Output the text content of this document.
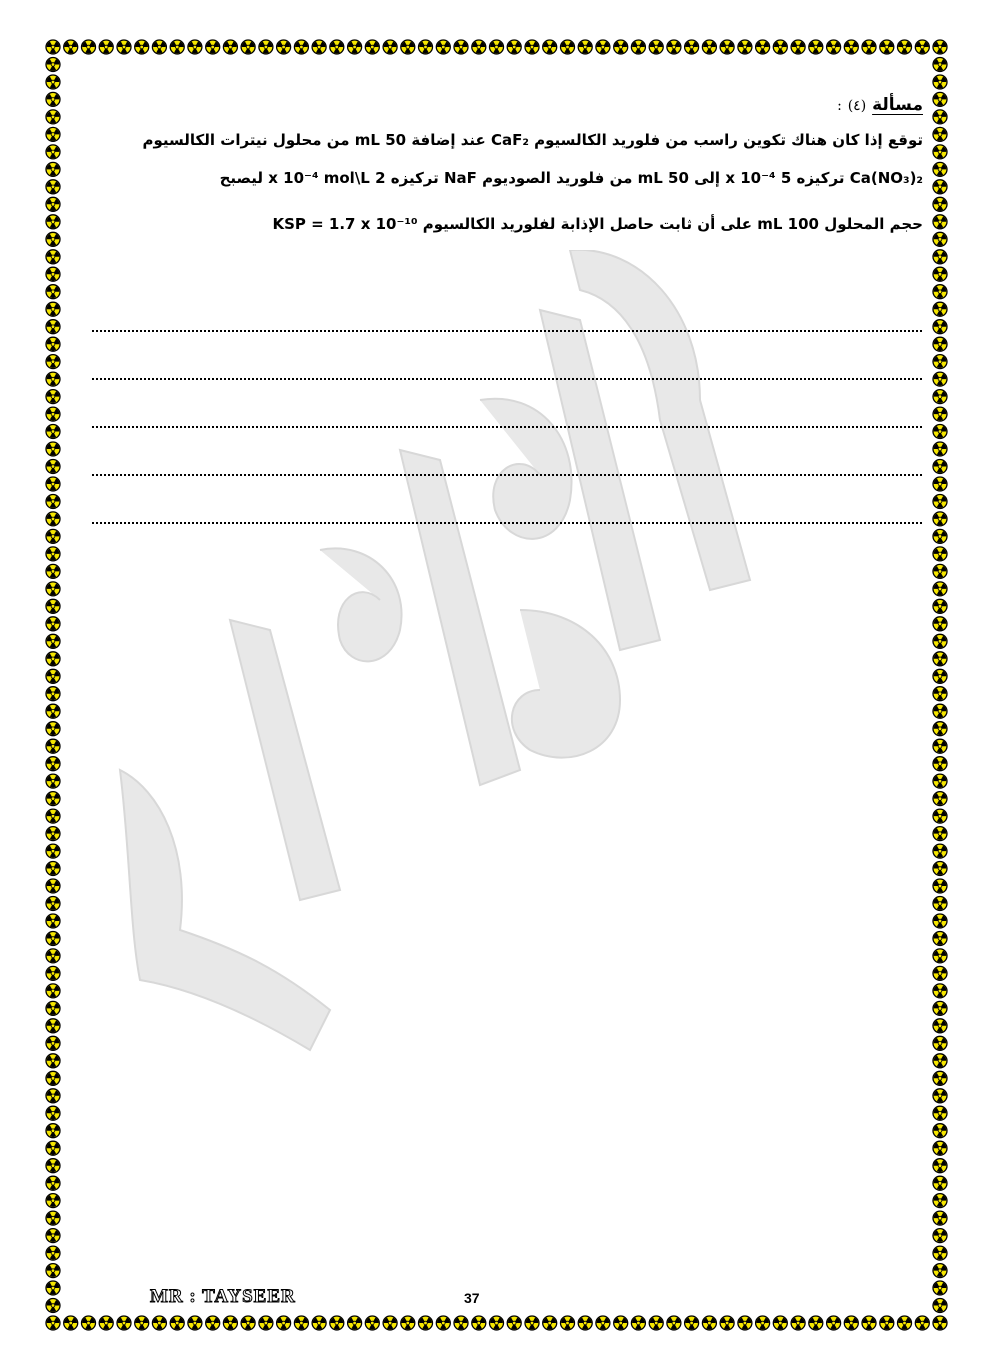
مسألة (٤) :

توقع إذا كان هناك تكوين راسب من فلوريد الكالسيوم CaF₂ عند إضافة 50 mL من محلول نيترات الكالسيوم

Ca(NO₃)₂ تركيزه 5 x 10⁻⁴ إلى 50 mL من فلوريد الصوديوم NaF تركيزه 2 x 10⁻⁴ mol\L ليصبح

حجم المحلول 100 mL على أن ثابت حاصل الإذابة لفلوريد الكالسيوم KSP = 1.7 x 10⁻¹⁰

MR : TAYSEER	37
